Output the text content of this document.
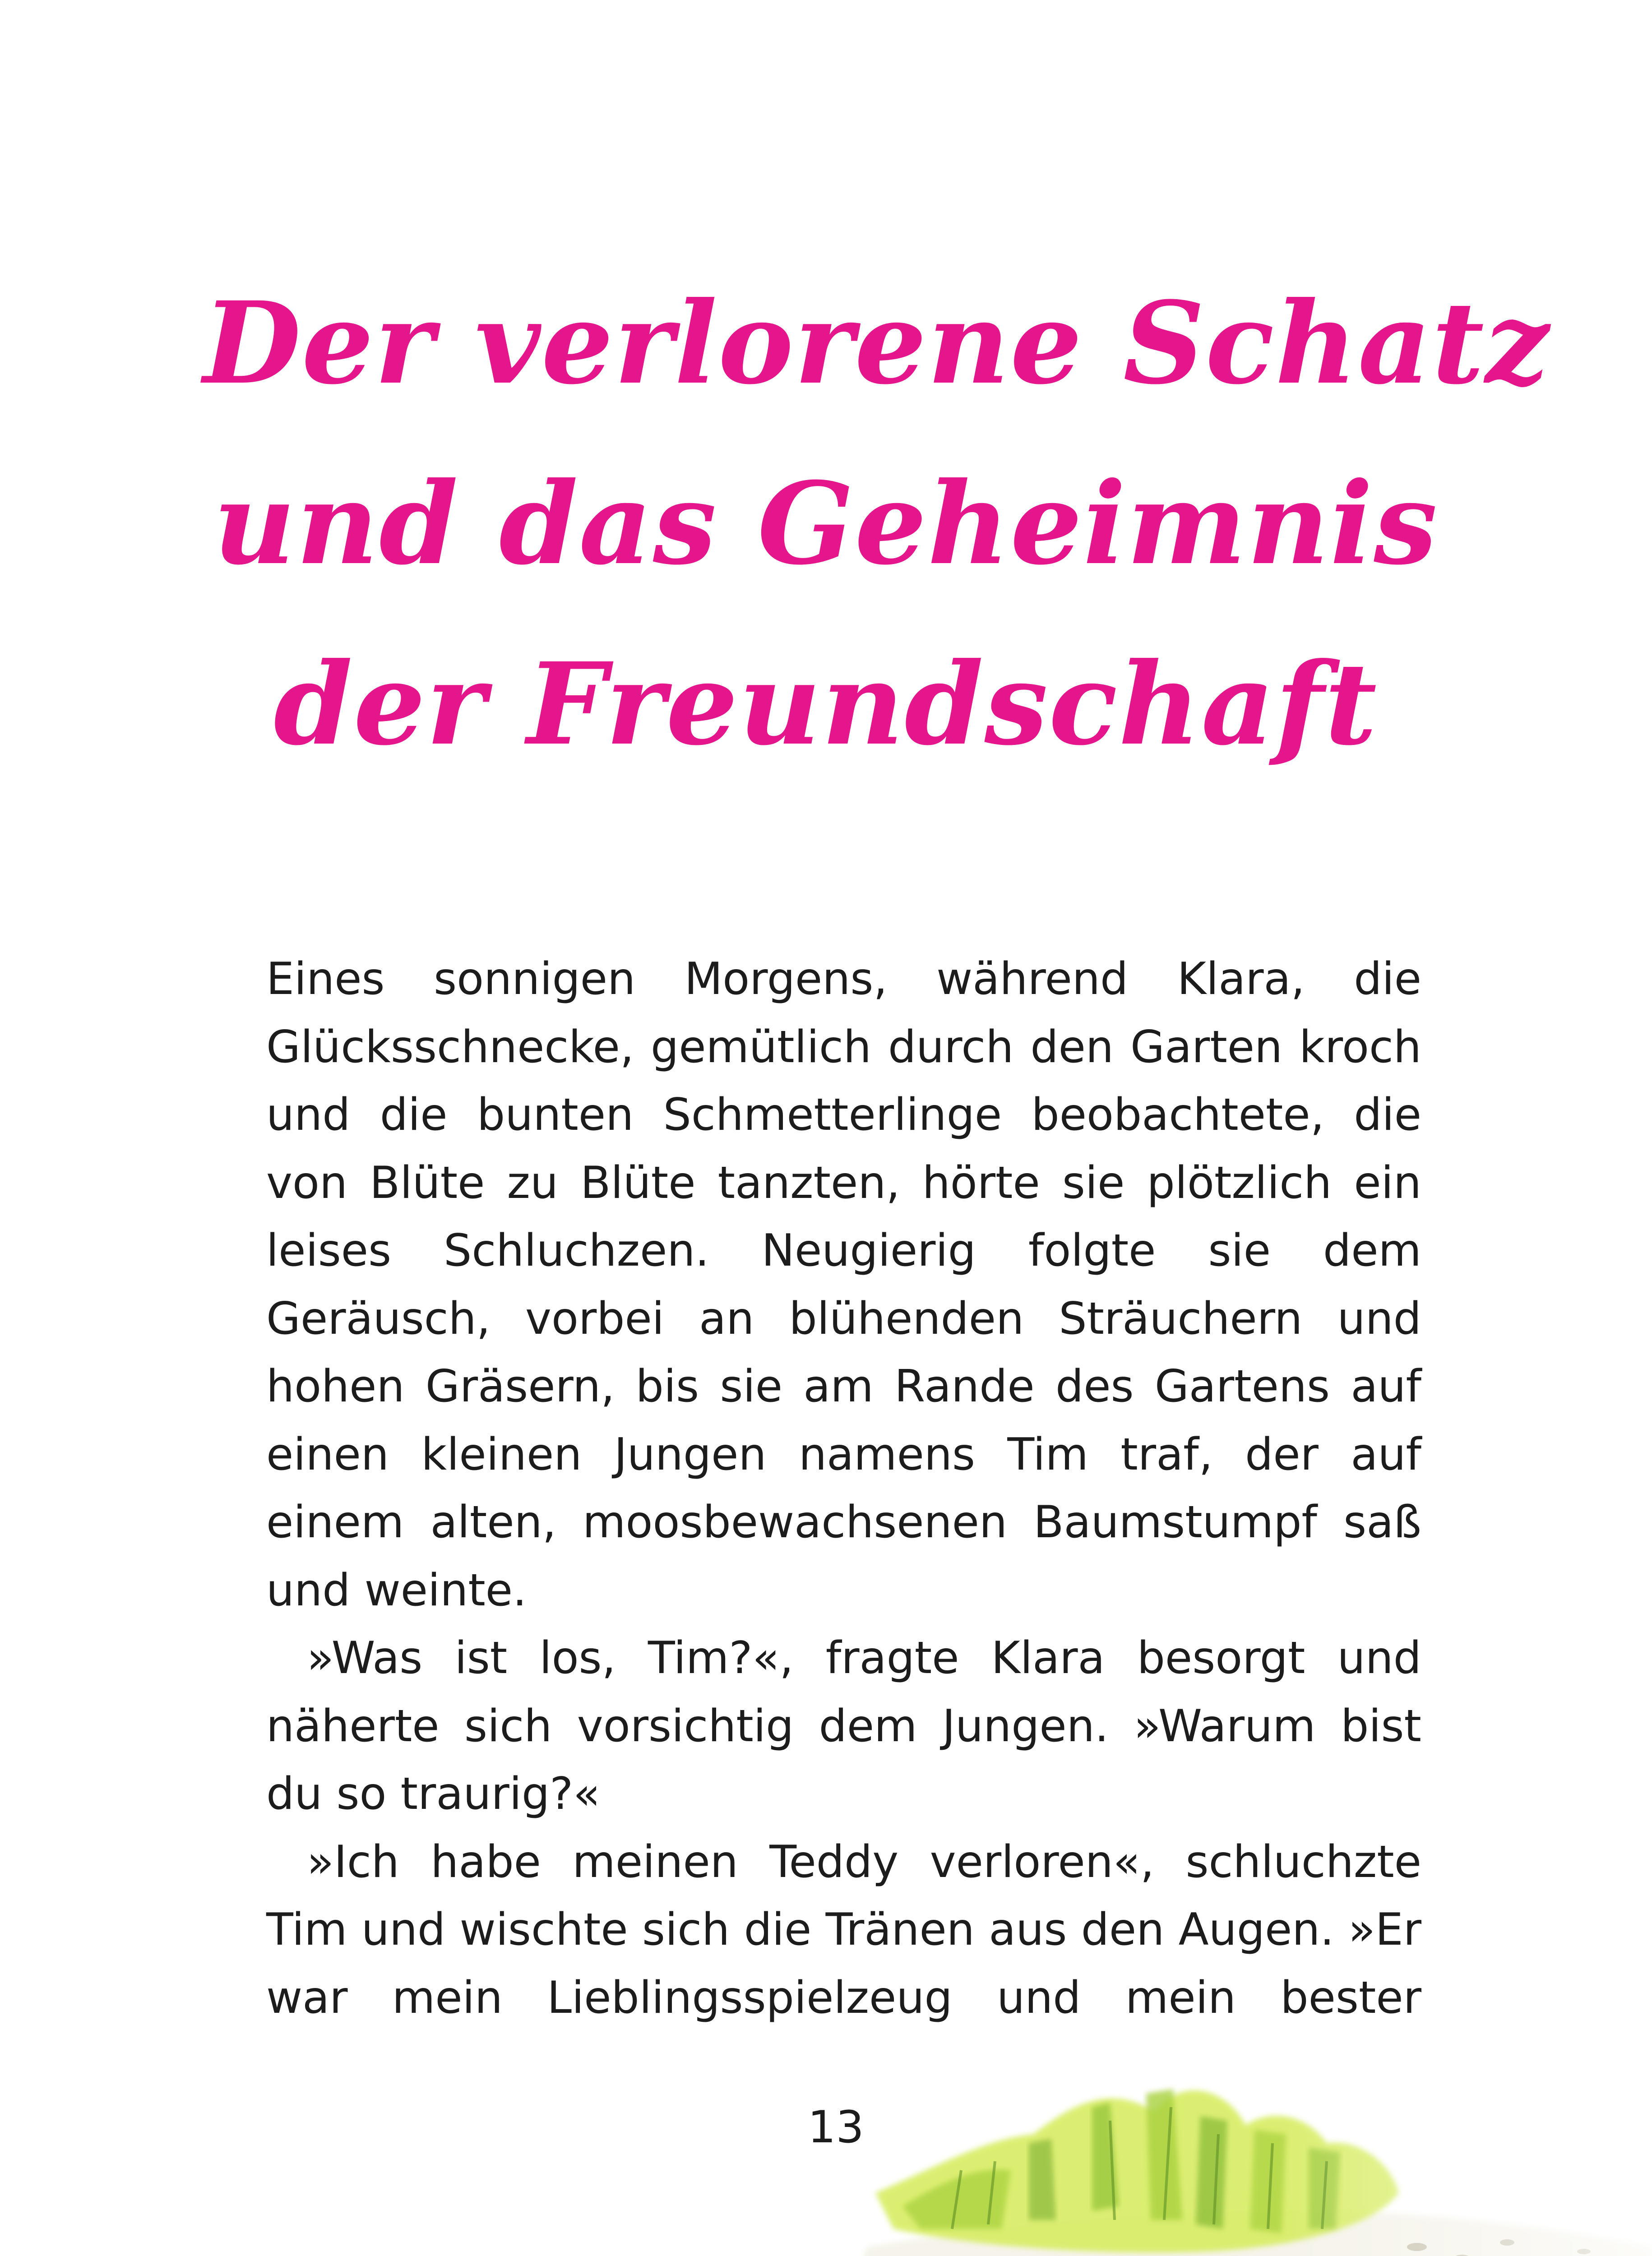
Der verlorene Schatz
und das Geheimnis
der Freundschaft

Eines sonnigen Morgens, während Klara, die Glücksschnecke, gemütlich durch den Garten kroch und die bunten Schmetterlinge beobachtete, die von Blüte zu Blüte tanzten, hörte sie plötzlich ein leises Schluchzen. Neugierig folgte sie dem Geräusch, vorbei an blühenden Sträuchern und hohen Gräsern, bis sie am Rande des Gartens auf einen kleinen Jungen namens Tim traf, der auf einem alten, moosbewachsenen Baumstumpf saß und weinte.

»Was ist los, Tim?«, fragte Klara besorgt und näherte sich vorsichtig dem Jungen. »Warum bist du so traurig?«

»Ich habe meinen Teddy verloren«, schluchzte Tim und wischte sich die Tränen aus den Augen. »Er war mein Lieblingsspielzeug und mein bester

13
